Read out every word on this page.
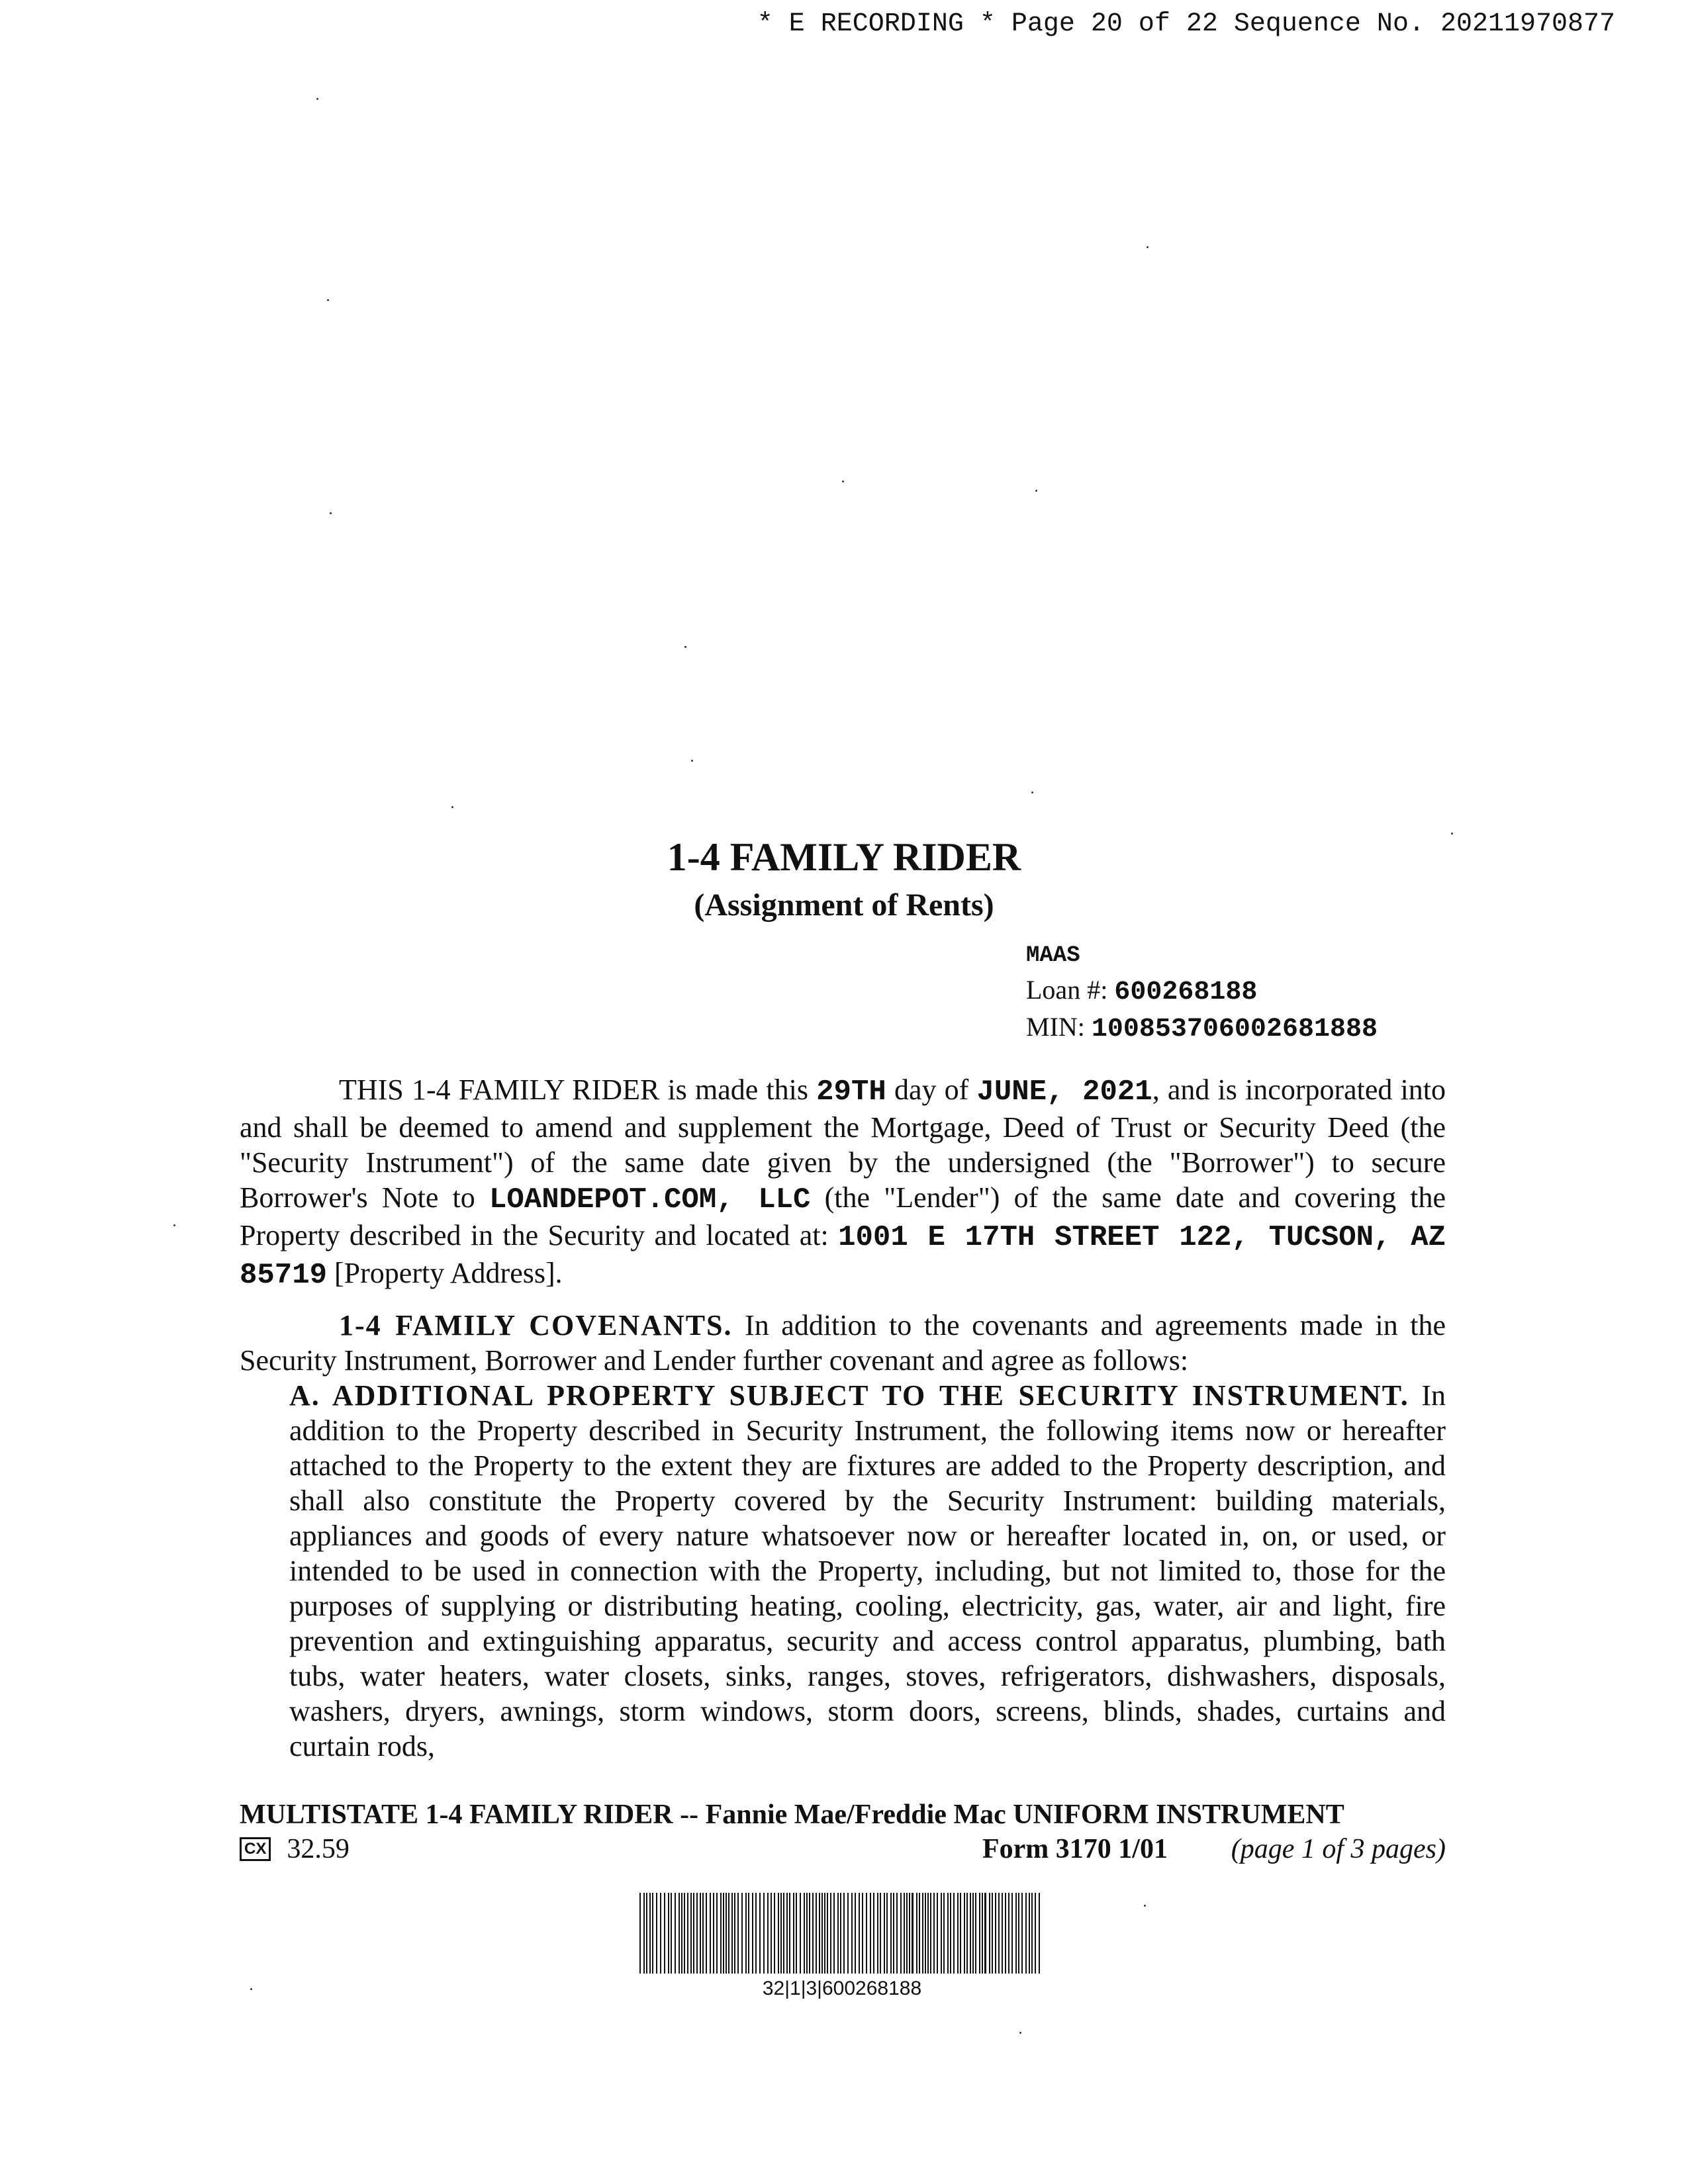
* E RECORDING * Page 20 of 22 Sequence No. 20211970877
1-4 FAMILY RIDER
(Assignment of Rents)
MAAS
Loan #: 600268188
MIN: 100853706002681888

THIS 1-4 FAMILY RIDER is made this 29TH day of JUNE, 2021, and is incorporated into and shall be deemed to amend and supplement the Mortgage, Deed of Trust or Security Deed (the "Security Instrument") of the same date given by the undersigned (the "Borrower") to secure Borrower's Note to LOANDEPOT.COM, LLC (the "Lender") of the same date and covering the Property described in the Security and located at: 1001 E 17TH STREET 122, TUCSON, AZ 85719 [Property Address].

1-4 FAMILY COVENANTS. In addition to the covenants and agreements made in the Security Instrument, Borrower and Lender further covenant and agree as follows:

A. ADDITIONAL PROPERTY SUBJECT TO THE SECURITY INSTRUMENT. In addition to the Property described in Security Instrument, the following items now or hereafter attached to the Property to the extent they are fixtures are added to the Property description, and shall also constitute the Property covered by the Security Instrument: building materials, appliances and goods of every nature whatsoever now or hereafter located in, on, or used, or intended to be used in connection with the Property, including, but not limited to, those for the purposes of supplying or distributing heating, cooling, electricity, gas, water, air and light, fire prevention and extinguishing apparatus, security and access control apparatus, plumbing, bath tubs, water heaters, water closets, sinks, ranges, stoves, refrigerators, dishwashers, disposals, washers, dryers, awnings, storm windows, storm doors, screens, blinds, shades, curtains and curtain rods,

MULTISTATE 1-4 FAMILY RIDER -- Fannie Mae/Freddie Mac UNIFORM INSTRUMENT
CX 32.59	Form 3170 1/01 (page 1 of 3 pages)
32|1|3|600268188
